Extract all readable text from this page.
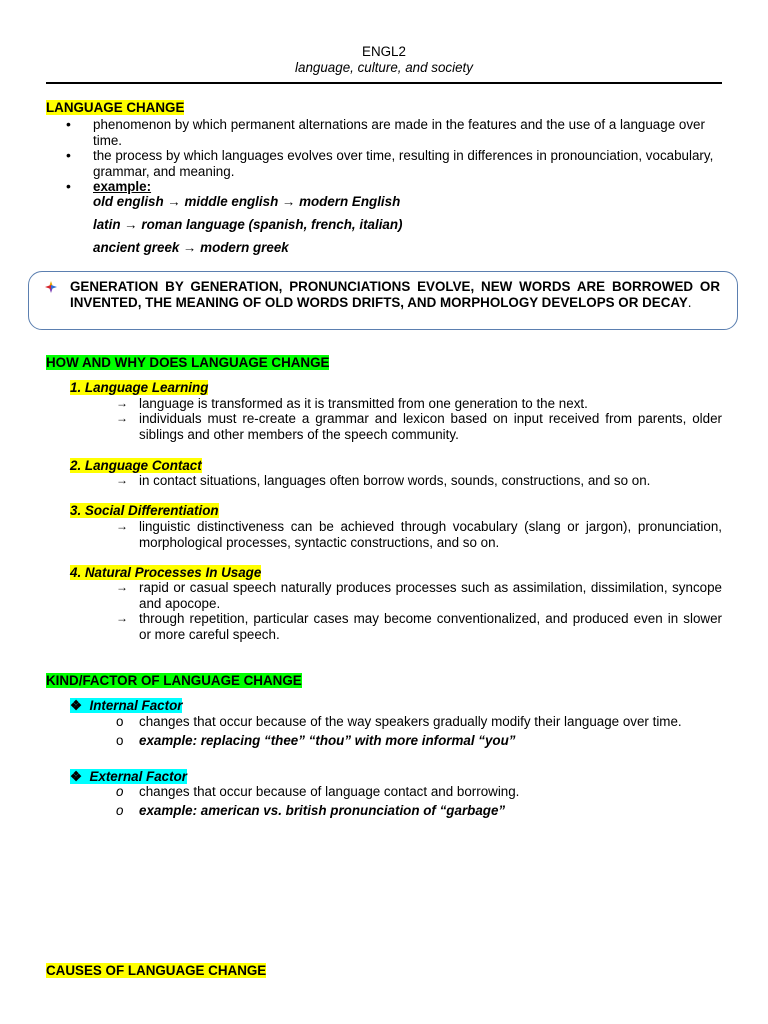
ENGL2
language, culture, and society
LANGUAGE CHANGE
•	phenomenon by which permanent alternations are made in the features and the use of a language over time.
•	the process by which languages evolves over time, resulting in differences in pronounciation, vocabulary, grammar, and meaning.
•	example:
old english → middle english → modern English
latin → roman language (spanish, french, italian)
ancient greek → modern greek
GENERATION BY GENERATION, PRONUNCIATIONS EVOLVE, NEW WORDS ARE BORROWED OR INVENTED, THE MEANING OF OLD WORDS DRIFTS, AND MORPHOLOGY DEVELOPS OR DECAY.
HOW AND WHY DOES LANGUAGE CHANGE
1. Language Learning
→ language is transformed as it is transmitted from one generation to the next.
→ individuals must re-create a grammar and lexicon based on input received from parents, older siblings and other members of the speech community.
2. Language Contact
→ in contact situations, languages often borrow words, sounds, constructions, and so on.
3. Social Differentiation
→ linguistic distinctiveness can be achieved through vocabulary (slang or jargon), pronunciation, morphological processes, syntactic constructions, and so on.
4. Natural Processes In Usage
→ rapid or casual speech naturally produces processes such as assimilation, dissimilation, syncope and apocope.
→ through repetition, particular cases may become conventionalized, and produced even in slower or more careful speech.
KIND/FACTOR OF LANGUAGE CHANGE
❖ Internal Factor
o changes that occur because of the way speakers gradually modify their language over time.
o example: replacing “thee” “thou” with more informal “you”
❖ External Factor
o changes that occur because of language contact and borrowing.
o example: american vs. british pronunciation of “garbage”
CAUSES OF LANGUAGE CHANGE
